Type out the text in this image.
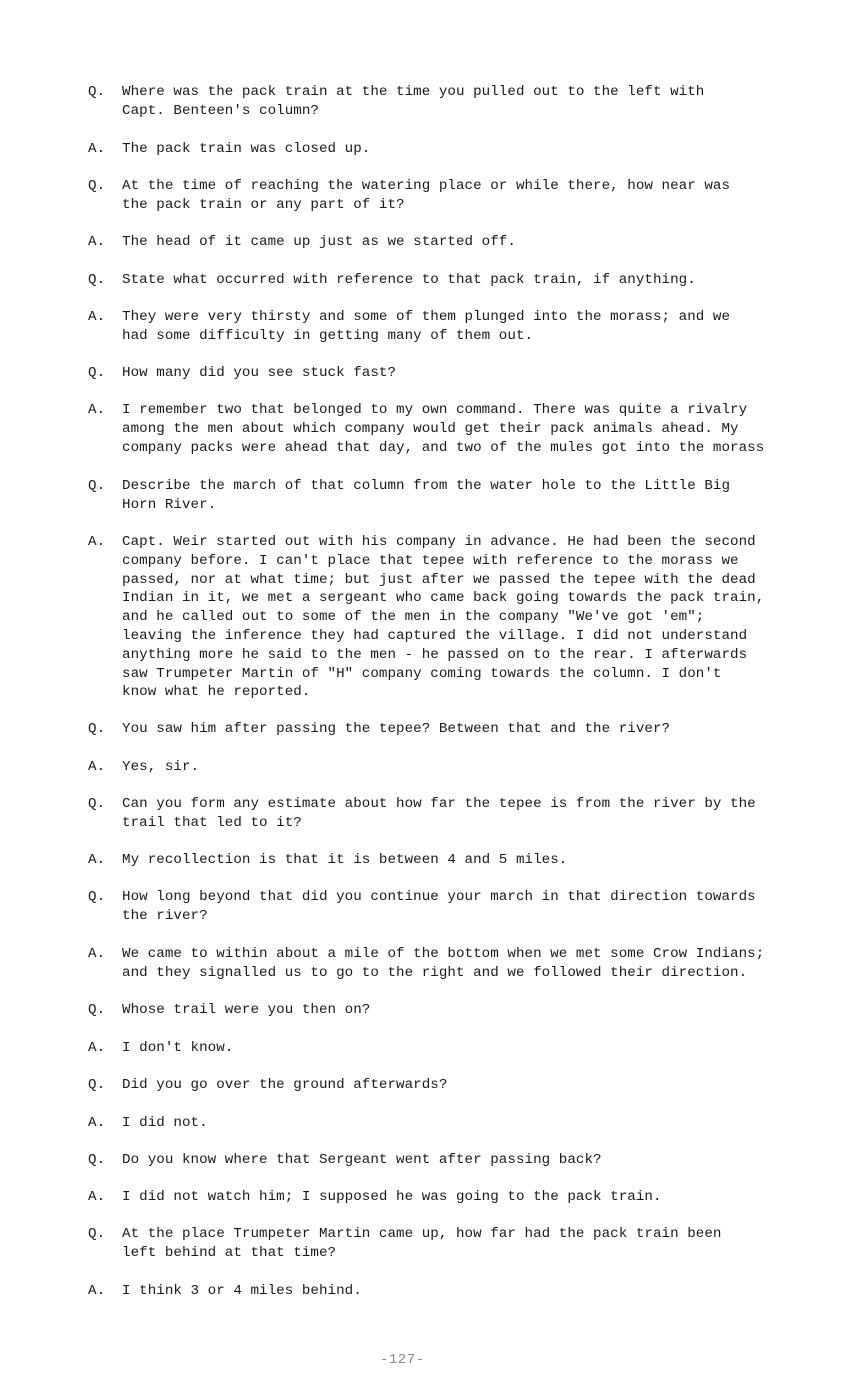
Q.	Where was the pack train at the time you pulled out to the left with
Capt. Benteen's column?
A.	The pack train was closed up.
Q.	At the time of reaching the watering place or while there, how near was
the pack train or any part of it?
A.	The head of it came up just as we started off.
Q.	State what occurred with reference to that pack train, if anything.
A.	They were very thirsty and some of them plunged into the morass; and we
had some difficulty in getting many of them out.
Q.	How many did you see stuck fast?
A.	I remember two that belonged to my own command. There was quite a rivalry
among the men about which company would get their pack animals ahead. My
company packs were ahead that day, and two of the mules got into the morass
Q.	Describe the march of that column from the water hole to the Little Big
Horn River.
A.	Capt. Weir started out with his company in advance. He had been the second
company before. I can't place that tepee with reference to the morass we
passed, nor at what time; but just after we passed the tepee with the dead
Indian in it, we met a sergeant who came back going towards the pack train,
and he called out to some of the men in the company "We've got 'em";
leaving the inference they had captured the village. I did not understand
anything more he said to the men - he passed on to the rear. I afterwards
saw Trumpeter Martin of "H" company coming towards the column. I don't
know what he reported.
Q.	You saw him after passing the tepee? Between that and the river?
A.	Yes, sir.
Q.	Can you form any estimate about how far the tepee is from the river by the
trail that led to it?
A.	My recollection is that it is between 4 and 5 miles.
Q.	How long beyond that did you continue your march in that direction towards
the river?
A.	We came to within about a mile of the bottom when we met some Crow Indians;
and they signalled us to go to the right and we followed their direction.
Q.	Whose trail were you then on?
A.	I don't know.
Q.	Did you go over the ground afterwards?
A.	I did not.
Q.	Do you know where that Sergeant went after passing back?
A.	I did not watch him; I supposed he was going to the pack train.
Q.	At the place Trumpeter Martin came up, how far had the pack train been
left behind at that time?
A.	I think 3 or 4 miles behind.
-127-
